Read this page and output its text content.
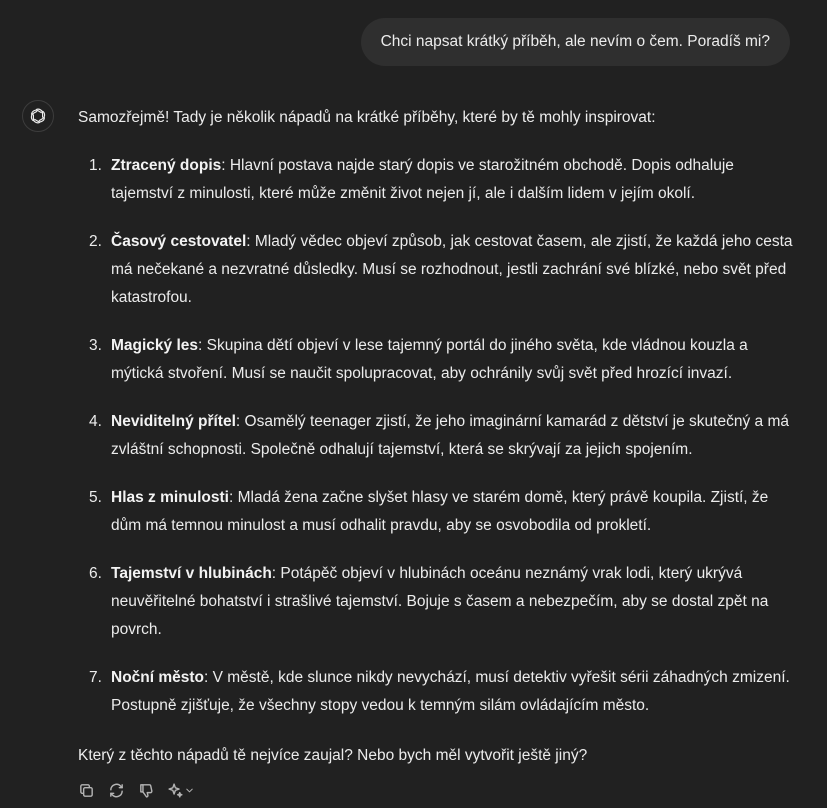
Chci napsat krátký příběh, ale nevím o čem. Poradíš mi?

Samozřejmě! Tady je několik nápadů na krátké příběhy, které by tě mohly inspirovat:

1. Ztracený dopis: Hlavní postava najde starý dopis ve starožitném obchodě. Dopis odhaluje tajemství z minulosti, které může změnit život nejen jí, ale i dalším lidem v jejím okolí.
2. Časový cestovatel: Mladý vědec objeví způsob, jak cestovat časem, ale zjistí, že každá jeho cesta má nečekané a nezvratné důsledky. Musí se rozhodnout, jestli zachrání své blízké, nebo svět před katastrofou.
3. Magický les: Skupina dětí objeví v lese tajemný portál do jiného světa, kde vládnou kouzla a mýtická stvoření. Musí se naučit spolupracovat, aby ochránily svůj svět před hrozící invazí.
4. Neviditelný přítel: Osamělý teenager zjistí, že jeho imaginární kamarád z dětství je skutečný a má zvláštní schopnosti. Společně odhalují tajemství, která se skrývají za jejich spojením.
5. Hlas z minulosti: Mladá žena začne slyšet hlasy ve starém domě, který právě koupila. Zjistí, že dům má temnou minulost a musí odhalit pravdu, aby se osvobodila od prokletí.
6. Tajemství v hlubinách: Potápěč objeví v hlubinách oceánu neznámý vrak lodi, který ukrývá neuvěřitelné bohatství i strašlivé tajemství. Bojuje s časem a nebezpečím, aby se dostal zpět na povrch.
7. Noční město: V městě, kde slunce nikdy nevychází, musí detektiv vyřešit sérii záhadných zmizení. Postupně zjišťuje, že všechny stopy vedou k temným silám ovládajícím město.

Který z těchto nápadů tě nejvíce zaujal? Nebo bych měl vytvořit ještě jiný?
